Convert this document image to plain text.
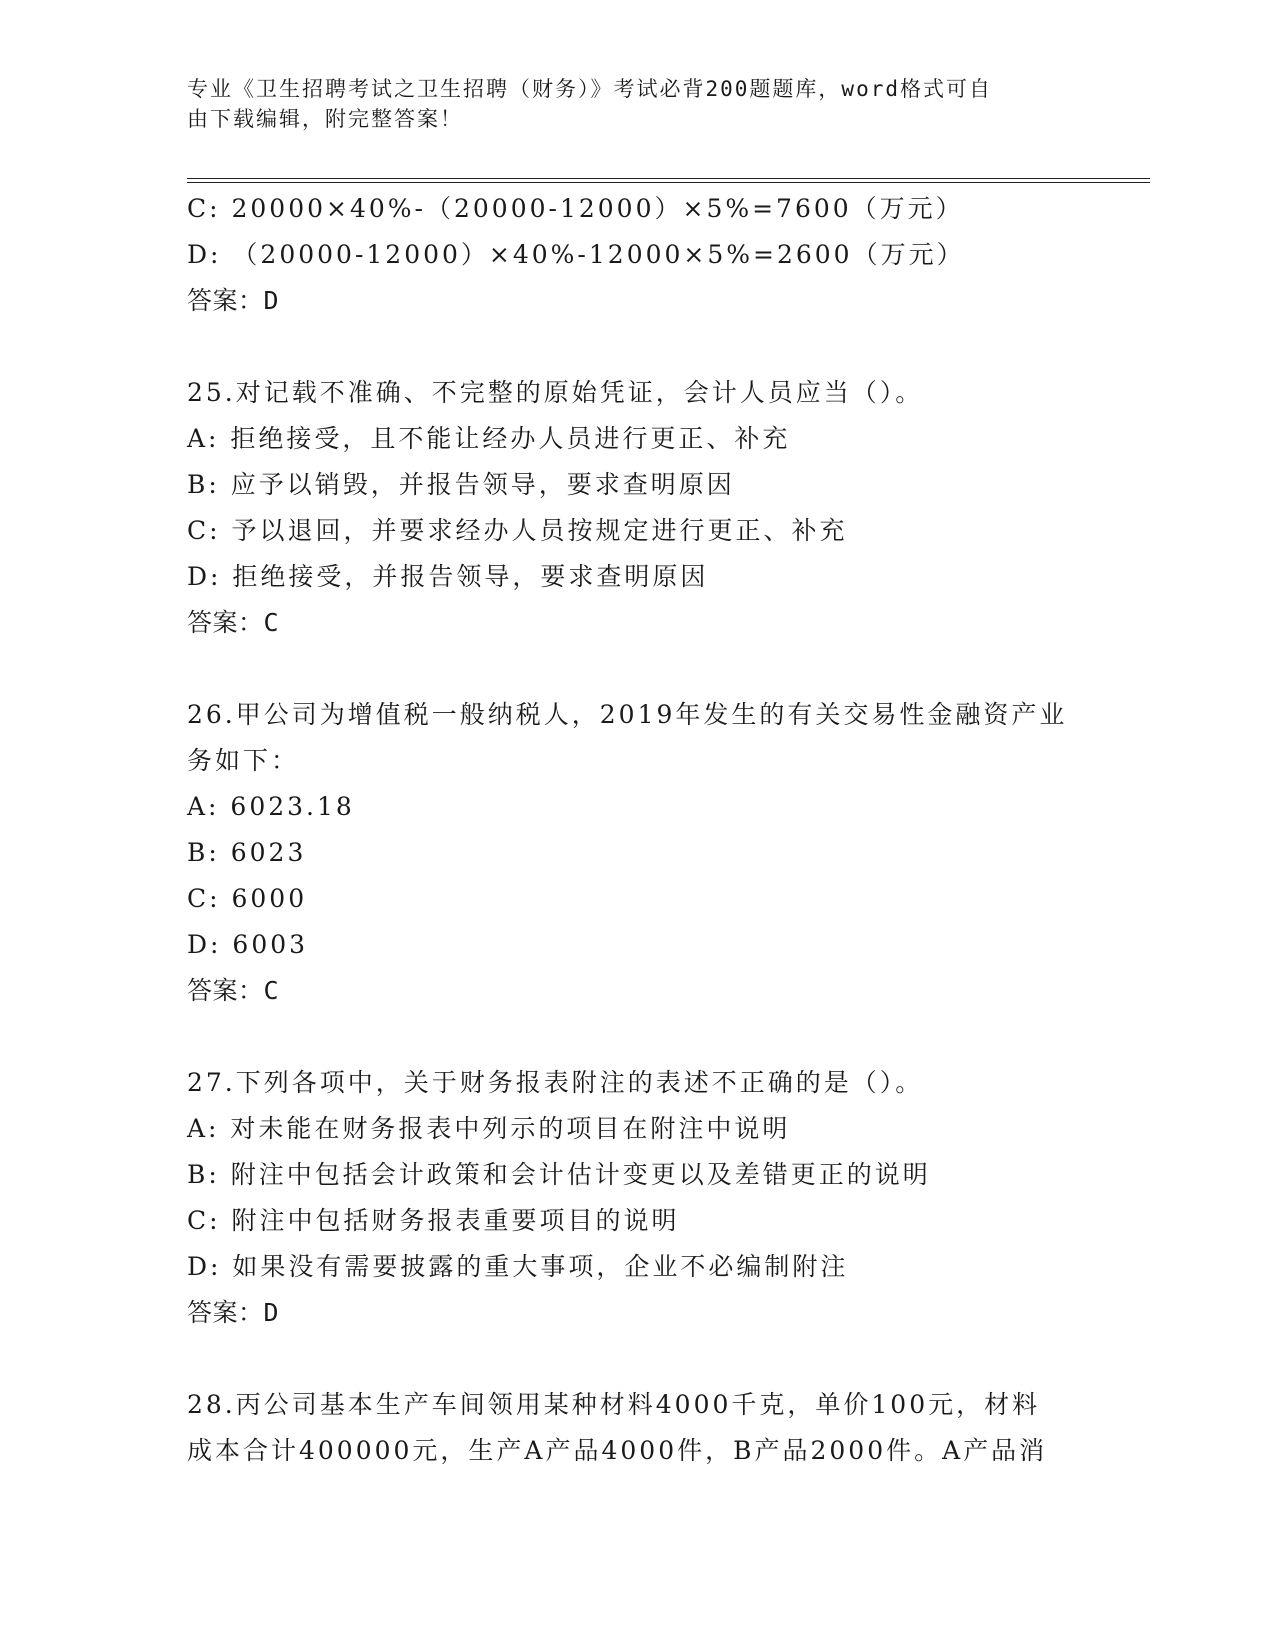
专业《卫生招聘考试之卫生招聘（财务）》考试必背200题题库，word格式可自
由下载编辑，附完整答案！
C: 20000×40%-（20000-12000）×5%=7600（万元）
D: （20000-12000）×40%-12000×5%=2600（万元）
答案：D
25.对记载不准确、不完整的原始凭证，会计人员应当（）。
A: 拒绝接受，且不能让经办人员进行更正、补充
B: 应予以销毁，并报告领导，要求查明原因
C: 予以退回，并要求经办人员按规定进行更正、补充
D: 拒绝接受，并报告领导，要求查明原因
答案：C
26.甲公司为增值税一般纳税人，2019年发生的有关交易性金融资产业
务如下：
A: 6023.18
B: 6023
C: 6000
D: 6003
答案：C
27.下列各项中，关于财务报表附注的表述不正确的是（）。
A: 对未能在财务报表中列示的项目在附注中说明
B: 附注中包括会计政策和会计估计变更以及差错更正的说明
C: 附注中包括财务报表重要项目的说明
D: 如果没有需要披露的重大事项，企业不必编制附注
答案：D
28.丙公司基本生产车间领用某种材料4000千克，单价100元，材料
成本合计400000元，生产A产品4000件，B产品2000件。A产品消
